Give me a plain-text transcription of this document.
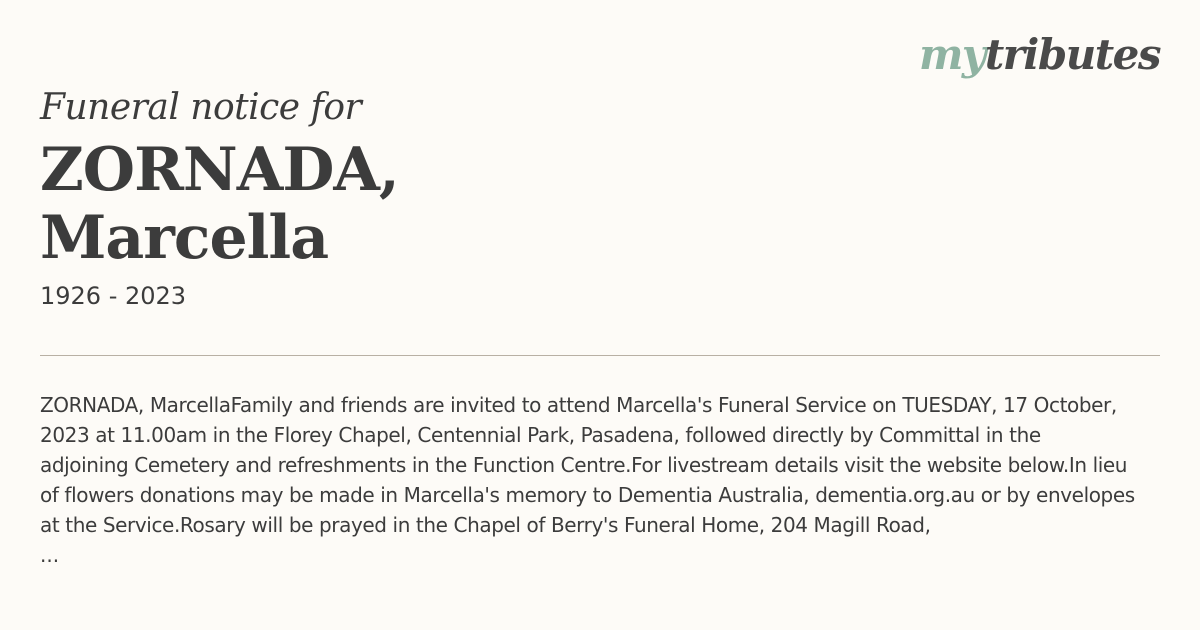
mytributes

Funeral notice for

ZORNADA,
Marcella
1926 - 2023
ZORNADA, MarcellaFamily and friends are invited to attend Marcella's Funeral Service on TUESDAY, 17 October, 2023 at 11.00am in the Florey Chapel, Centennial Park, Pasadena, followed directly by Committal in the adjoining Cemetery and refreshments in the Function Centre.For livestream details visit the website below.In lieu of flowers donations may be made in Marcella's memory to Dementia Australia, dementia.org.au or by envelopes at the Service.Rosary will be prayed in the Chapel of Berry's Funeral Home, 204 Magill Road,
...
